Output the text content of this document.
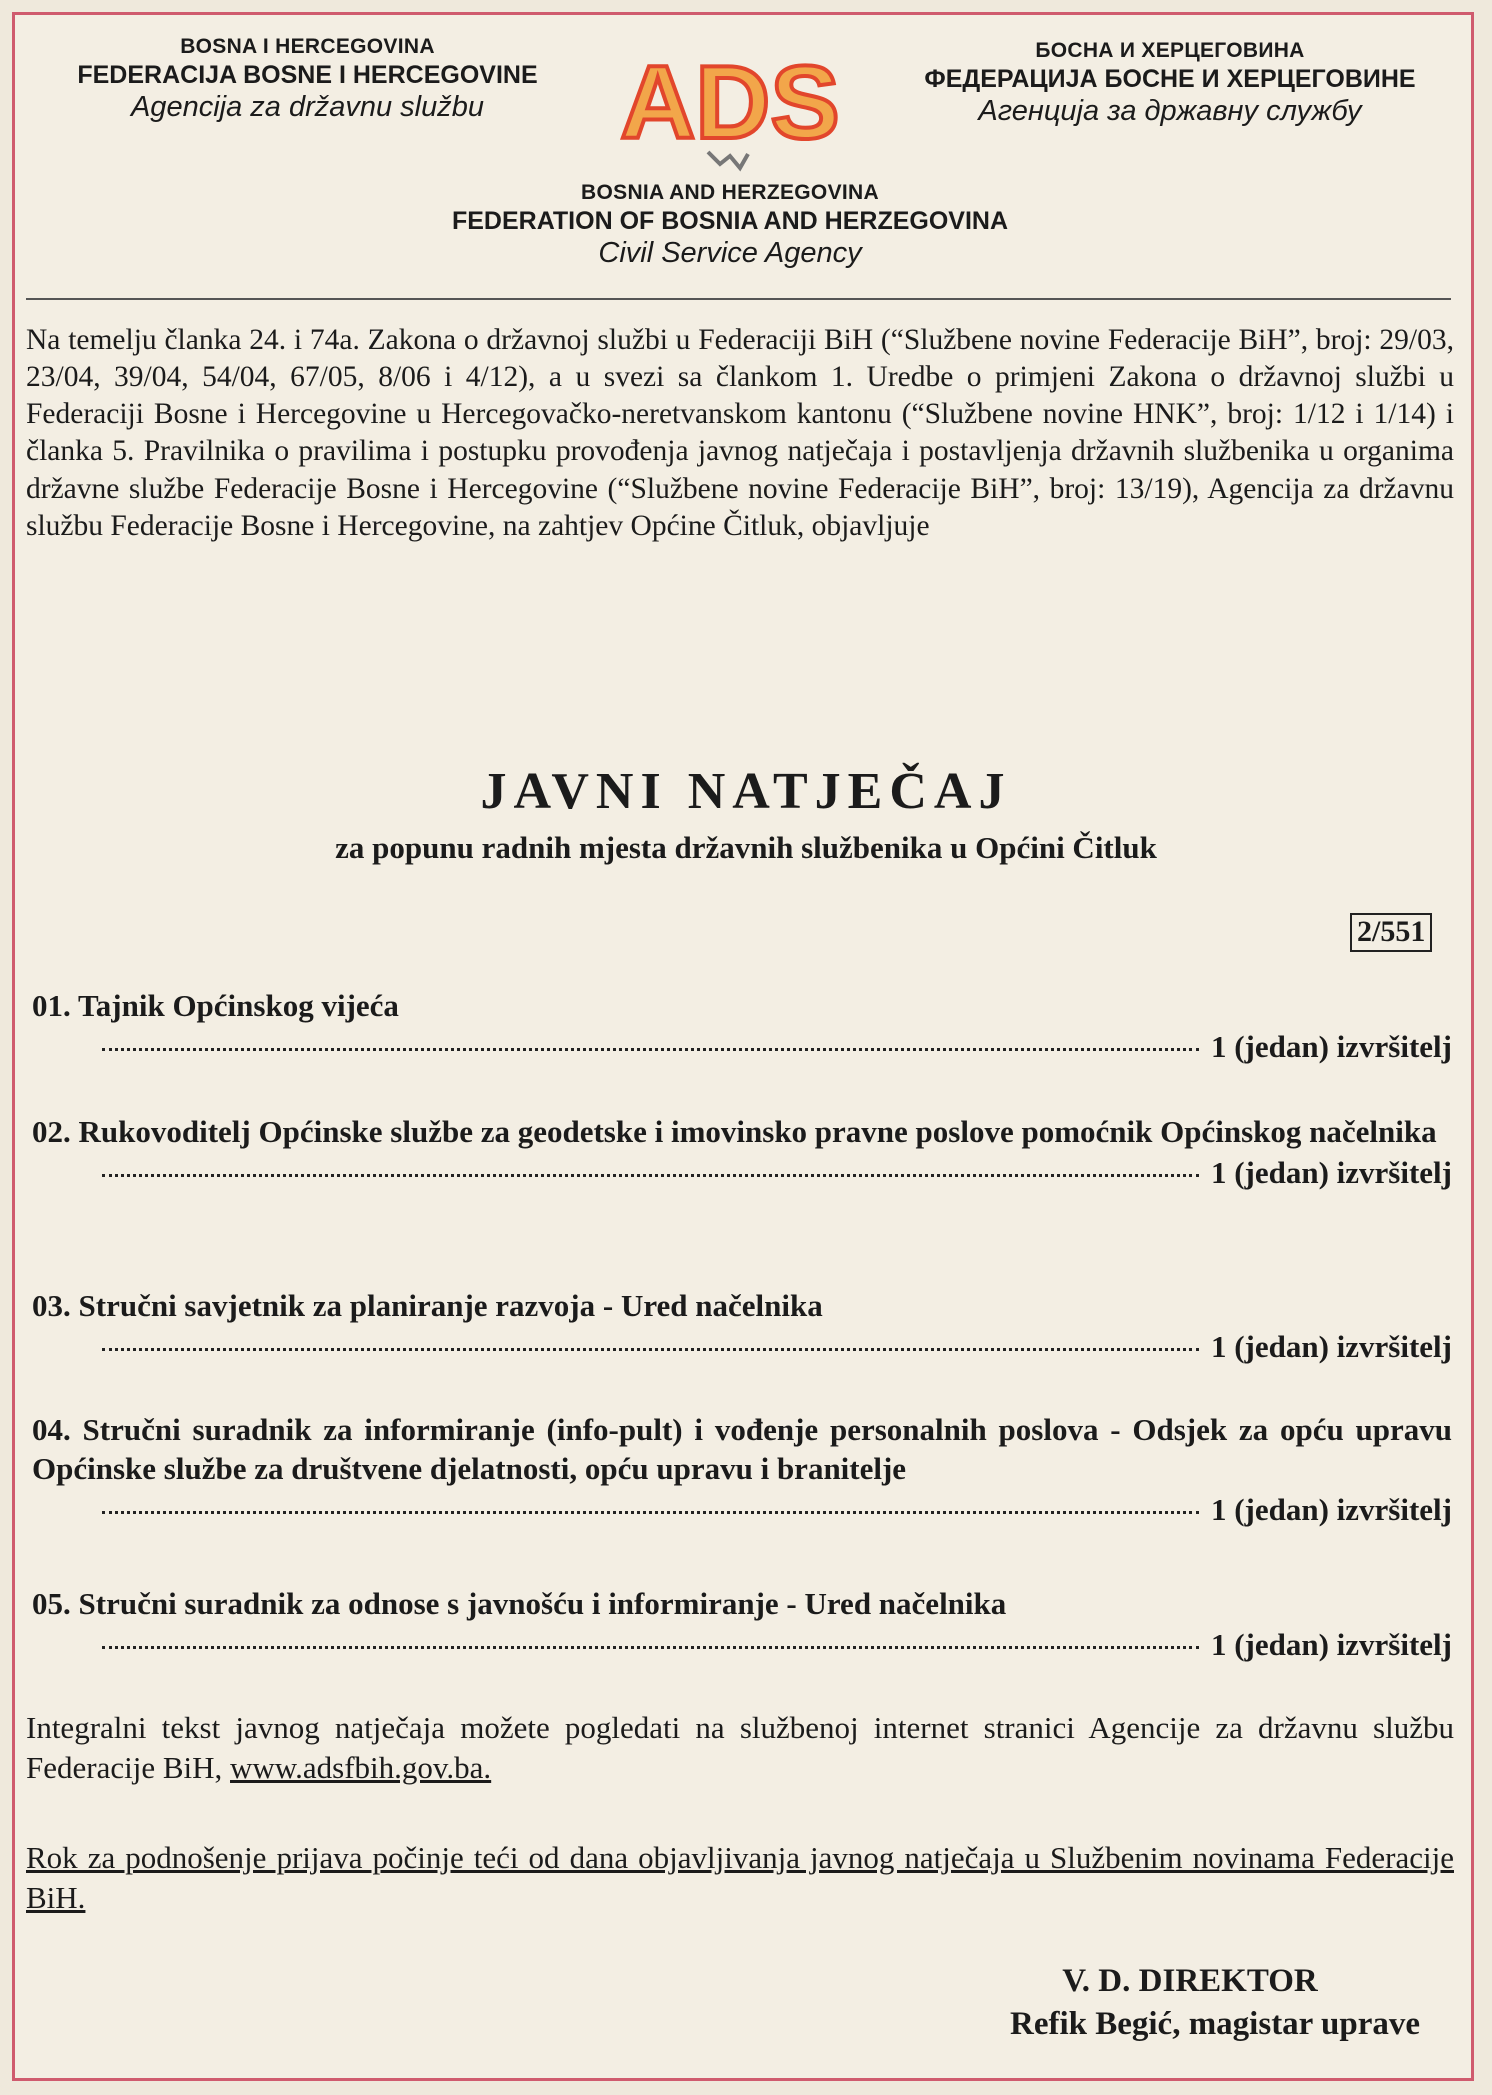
BOSNA I HERCEGOVINA
FEDERACIJA BOSNE I HERCEGOVINE
Agencija za državnu službu	ADS	БОСНА И ХЕРЦЕГОВИНА
ФЕДЕРАЦИЈА БОСНЕ И ХЕРЦЕГОВИНЕ
Агенција за државну службу
BOSNIA AND HERZEGOVINA
FEDERATION OF BOSNIA AND HERZEGOVINA
Civil Service Agency
Na temelju članka 24. i 74a. Zakona o državnoj službi u Federaciji BiH (“Službene novine Federacije BiH”, broj: 29/03, 23/04, 39/04, 54/04, 67/05, 8/06 i 4/12), a u svezi sa člankom 1. Uredbe o primjeni Zakona o državnoj službi u Federaciji Bosne i Hercegovine u Hercegovačko-neretvanskom kantonu (“Službene novine HNK”, broj: 1/12 i 1/14) i članka 5. Pravilnika o pravilima i postupku provođenja javnog natječaja i postavljenja državnih službenika u organima državne službe Federacije Bosne i Hercegovine (“Službene novine Federacije BiH”, broj: 13/19), Agencija za državnu službu Federacije Bosne i Hercegovine, na zahtjev Općine Čitluk, objavljuje
JAVNI NATJEČAJ
za popunu radnih mjesta državnih službenika u Općini Čitluk
2/551
01. Tajnik Općinskog vijeća
1 (jedan) izvršitelj
02. Rukovoditelj Općinske službe za geodetske i imovinsko pravne poslove pomoćnik Općinskog načelnika
1 (jedan) izvršitelj
03. Stručni savjetnik za planiranje razvoja - Ured načelnika
1 (jedan) izvršitelj
04. Stručni suradnik za informiranje (info-pult) i vođenje personalnih poslova - Odsjek za opću upravu Općinske službe za društvene djelatnosti, opću upravu i branitelje
1 (jedan) izvršitelj
05. Stručni suradnik za odnose s javnošću i informiranje - Ured načelnika
1 (jedan) izvršitelj
Integralni tekst javnog natječaja možete pogledati na službenoj internet stranici Agencije za državnu službu Federacije BiH, www.adsfbih.gov.ba.
Rok za podnošenje prijava počinje teći od dana objavljivanja javnog natječaja u Službenim novinama Federacije BiH.
V. D. DIREKTOR
Refik Begić, magistar uprave
